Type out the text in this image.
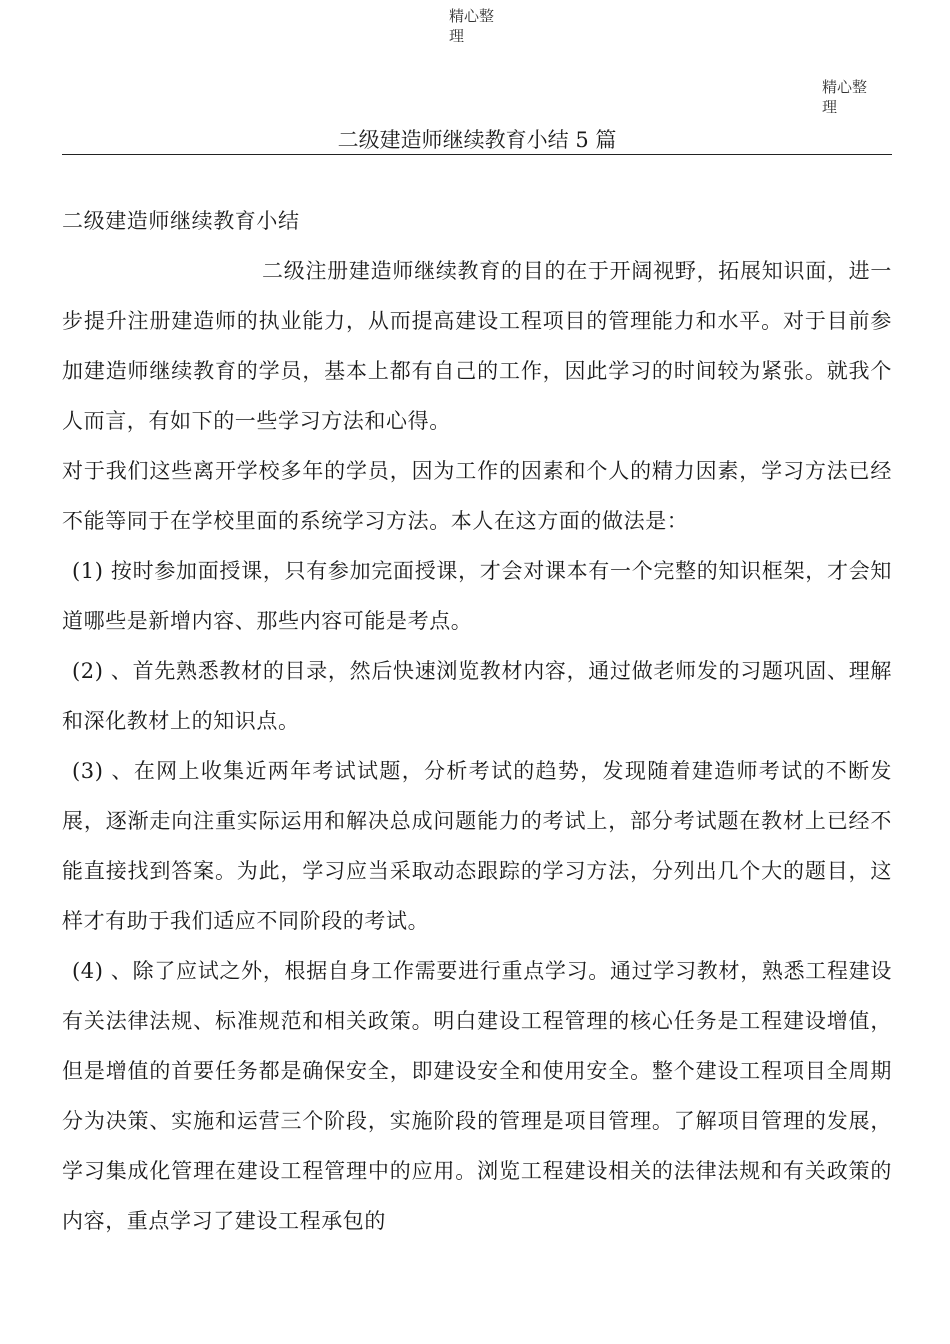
精心整理
精心整理
二级建造师继续教育小结 5 篇

二级建造师继续教育小结

二级注册建造师继续教育的目的在于开阔视野，拓展知识面，进一步提升注册建造师的执业能力，从而提高建设工程项目的管理能力和水平。对于目前参加建造师继续教育的学员，基本上都有自己的工作，因此学习的时间较为紧张。就我个人而言，有如下的一些学习方法和心得。

对于我们这些离开学校多年的学员，因为工作的因素和个人的精力因素，学习方法已经不能等同于在学校里面的系统学习方法。本人在这方面的做法是：

(1) 按时参加面授课，只有参加完面授课，才会对课本有一个完整的知识框架，才会知道哪些是新增内容、那些内容可能是考点。

(2) 、首先熟悉教材的目录，然后快速浏览教材内容，通过做老师发的习题巩固、理解和深化教材上的知识点。

(3) 、在网上收集近两年考试试题，分析考试的趋势，发现随着建造师考试的不断发展，逐渐走向注重实际运用和解决总成问题能力的考试上，部分考试题在教材上已经不能直接找到答案。为此，学习应当采取动态跟踪的学习方法，分列出几个大的题目，这样才有助于我们适应不同阶段的考试。

(4) 、除了应试之外，根据自身工作需要进行重点学习。通过学习教材，熟悉工程建设有关法律法规、标准规范和相关政策。明白建设工程管理的核心任务是工程建设增值，但是增值的首要任务都是确保安全，即建设安全和使用安全。整个建设工程项目全周期分为决策、实施和运营三个阶段，实施阶段的管理是项目管理。了解项目管理的发展，学习集成化管理在建设工程管理中的应用。浏览工程建设相关的法律法规和有关政策的内容，重点学习了建设工程承包的
